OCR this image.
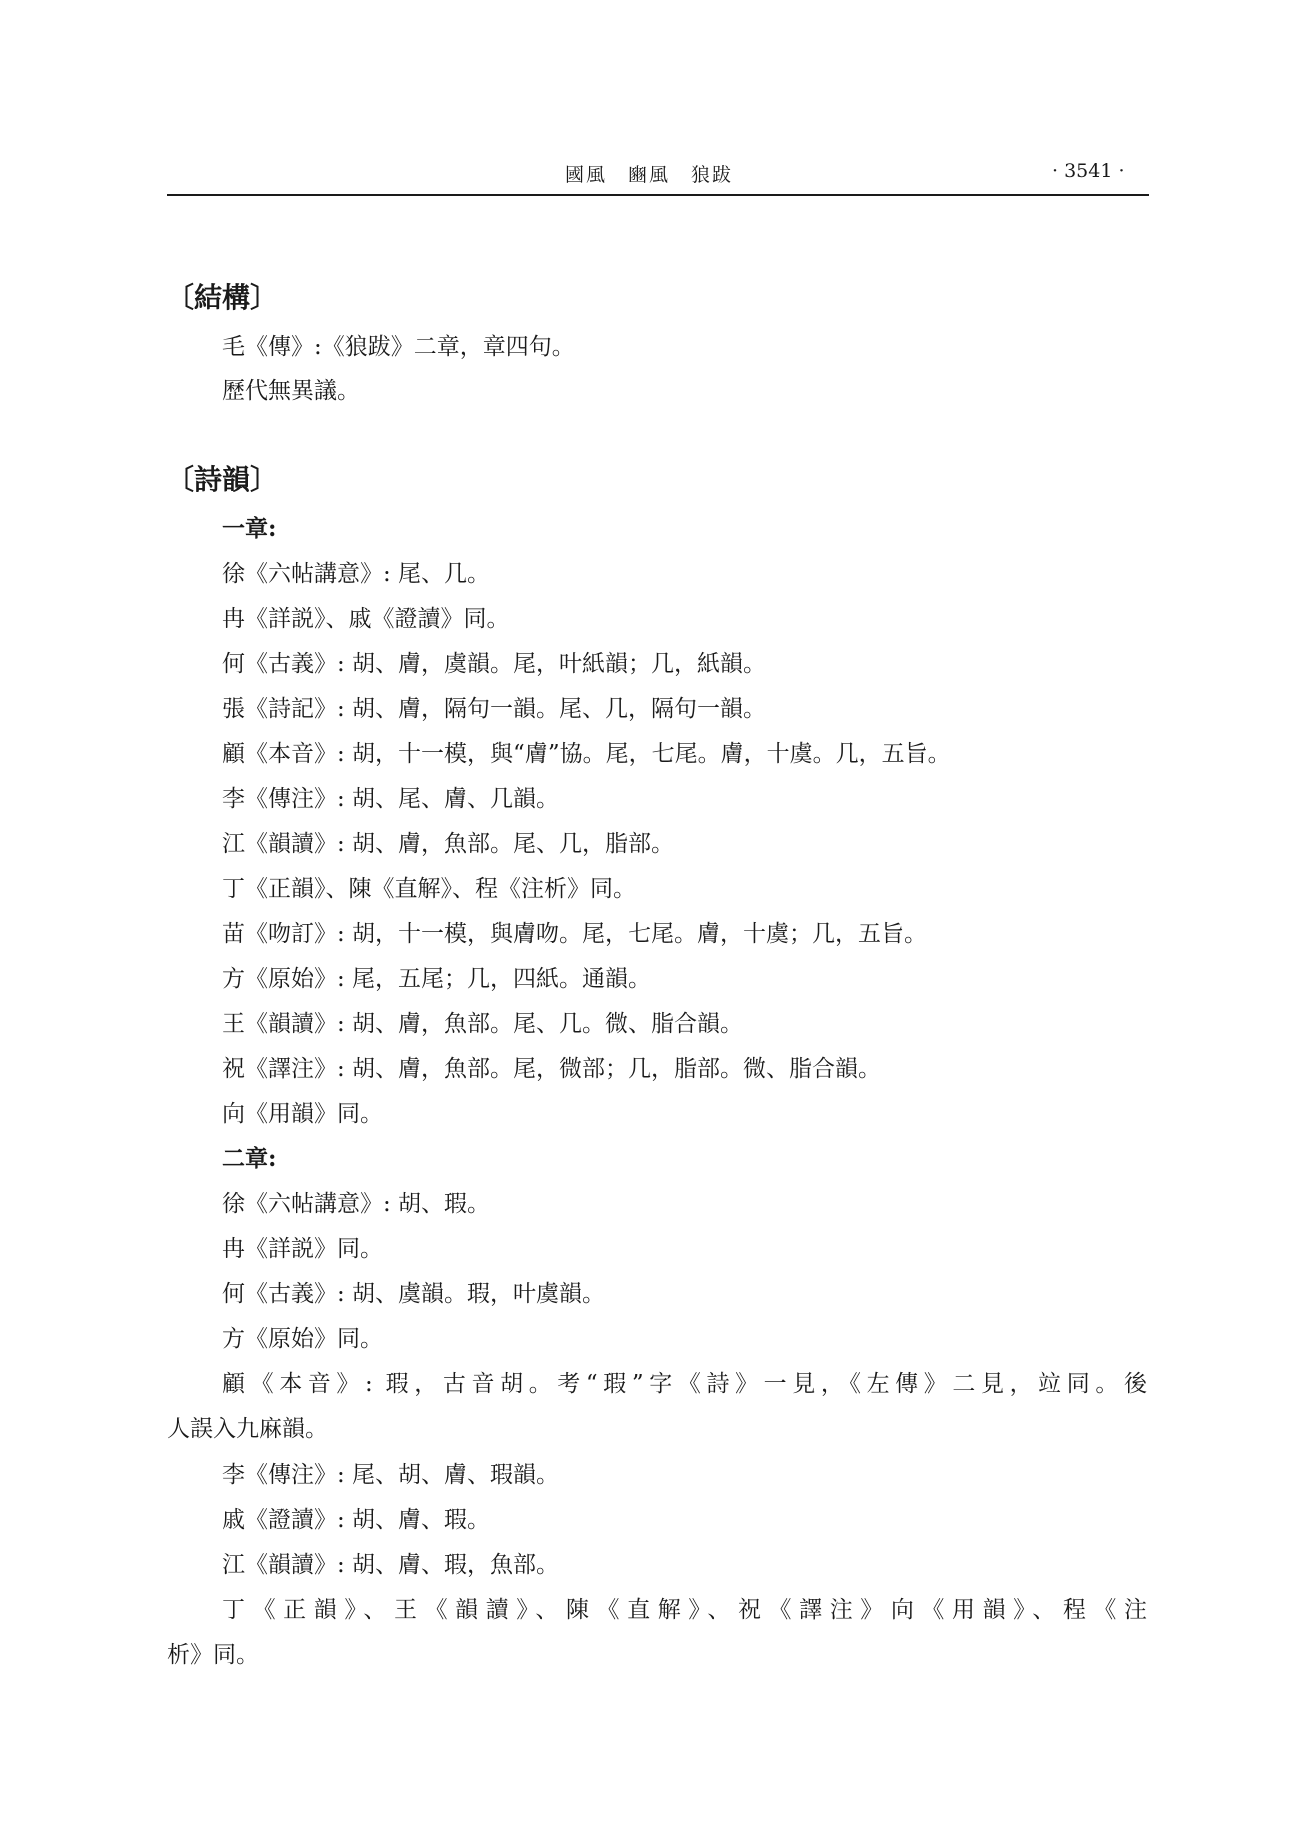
國風　豳風　狼跋	· 3541 ·
〔結構〕
毛《傳》:《狼跋》二章，章四句。
歷代無異議。
〔詩韻〕
一章:
徐《六帖講意》: 尾、几。
冉《詳説》、戚《證讀》同。
何《古義》: 胡、膚，虞韻。尾，叶紙韻；几，紙韻。
張《詩記》: 胡、膚，隔句一韻。尾、几，隔句一韻。
顧《本音》: 胡，十一模，與“膚”協。尾，七尾。膚，十虞。几，五旨。
李《傳注》: 胡、尾、膚、几韻。
江《韻讀》: 胡、膚，魚部。尾、几，脂部。
丁《正韻》、陳《直解》、程《注析》同。
苗《吻訂》: 胡，十一模，與膚吻。尾，七尾。膚，十虞；几，五旨。
方《原始》: 尾，五尾；几，四紙。通韻。
王《韻讀》: 胡、膚，魚部。尾、几。微、脂合韻。
祝《譯注》: 胡、膚，魚部。尾，微部；几，脂部。微、脂合韻。
向《用韻》同。
二章:
徐《六帖講意》: 胡、瑕。
冉《詳説》同。
何《古義》: 胡、虞韻。瑕，叶虞韻。
方《原始》同。
顧《本音》: 瑕，古音胡。考“瑕”字《詩》一見，《左傳》二見，竝同。後
人誤入九麻韻。
李《傳注》: 尾、胡、膚、瑕韻。
戚《證讀》: 胡、膚、瑕。
江《韻讀》: 胡、膚、瑕，魚部。
丁《正韻》、王《韻讀》、陳《直解》、祝《譯注》向《用韻》、程《注
析》同。
